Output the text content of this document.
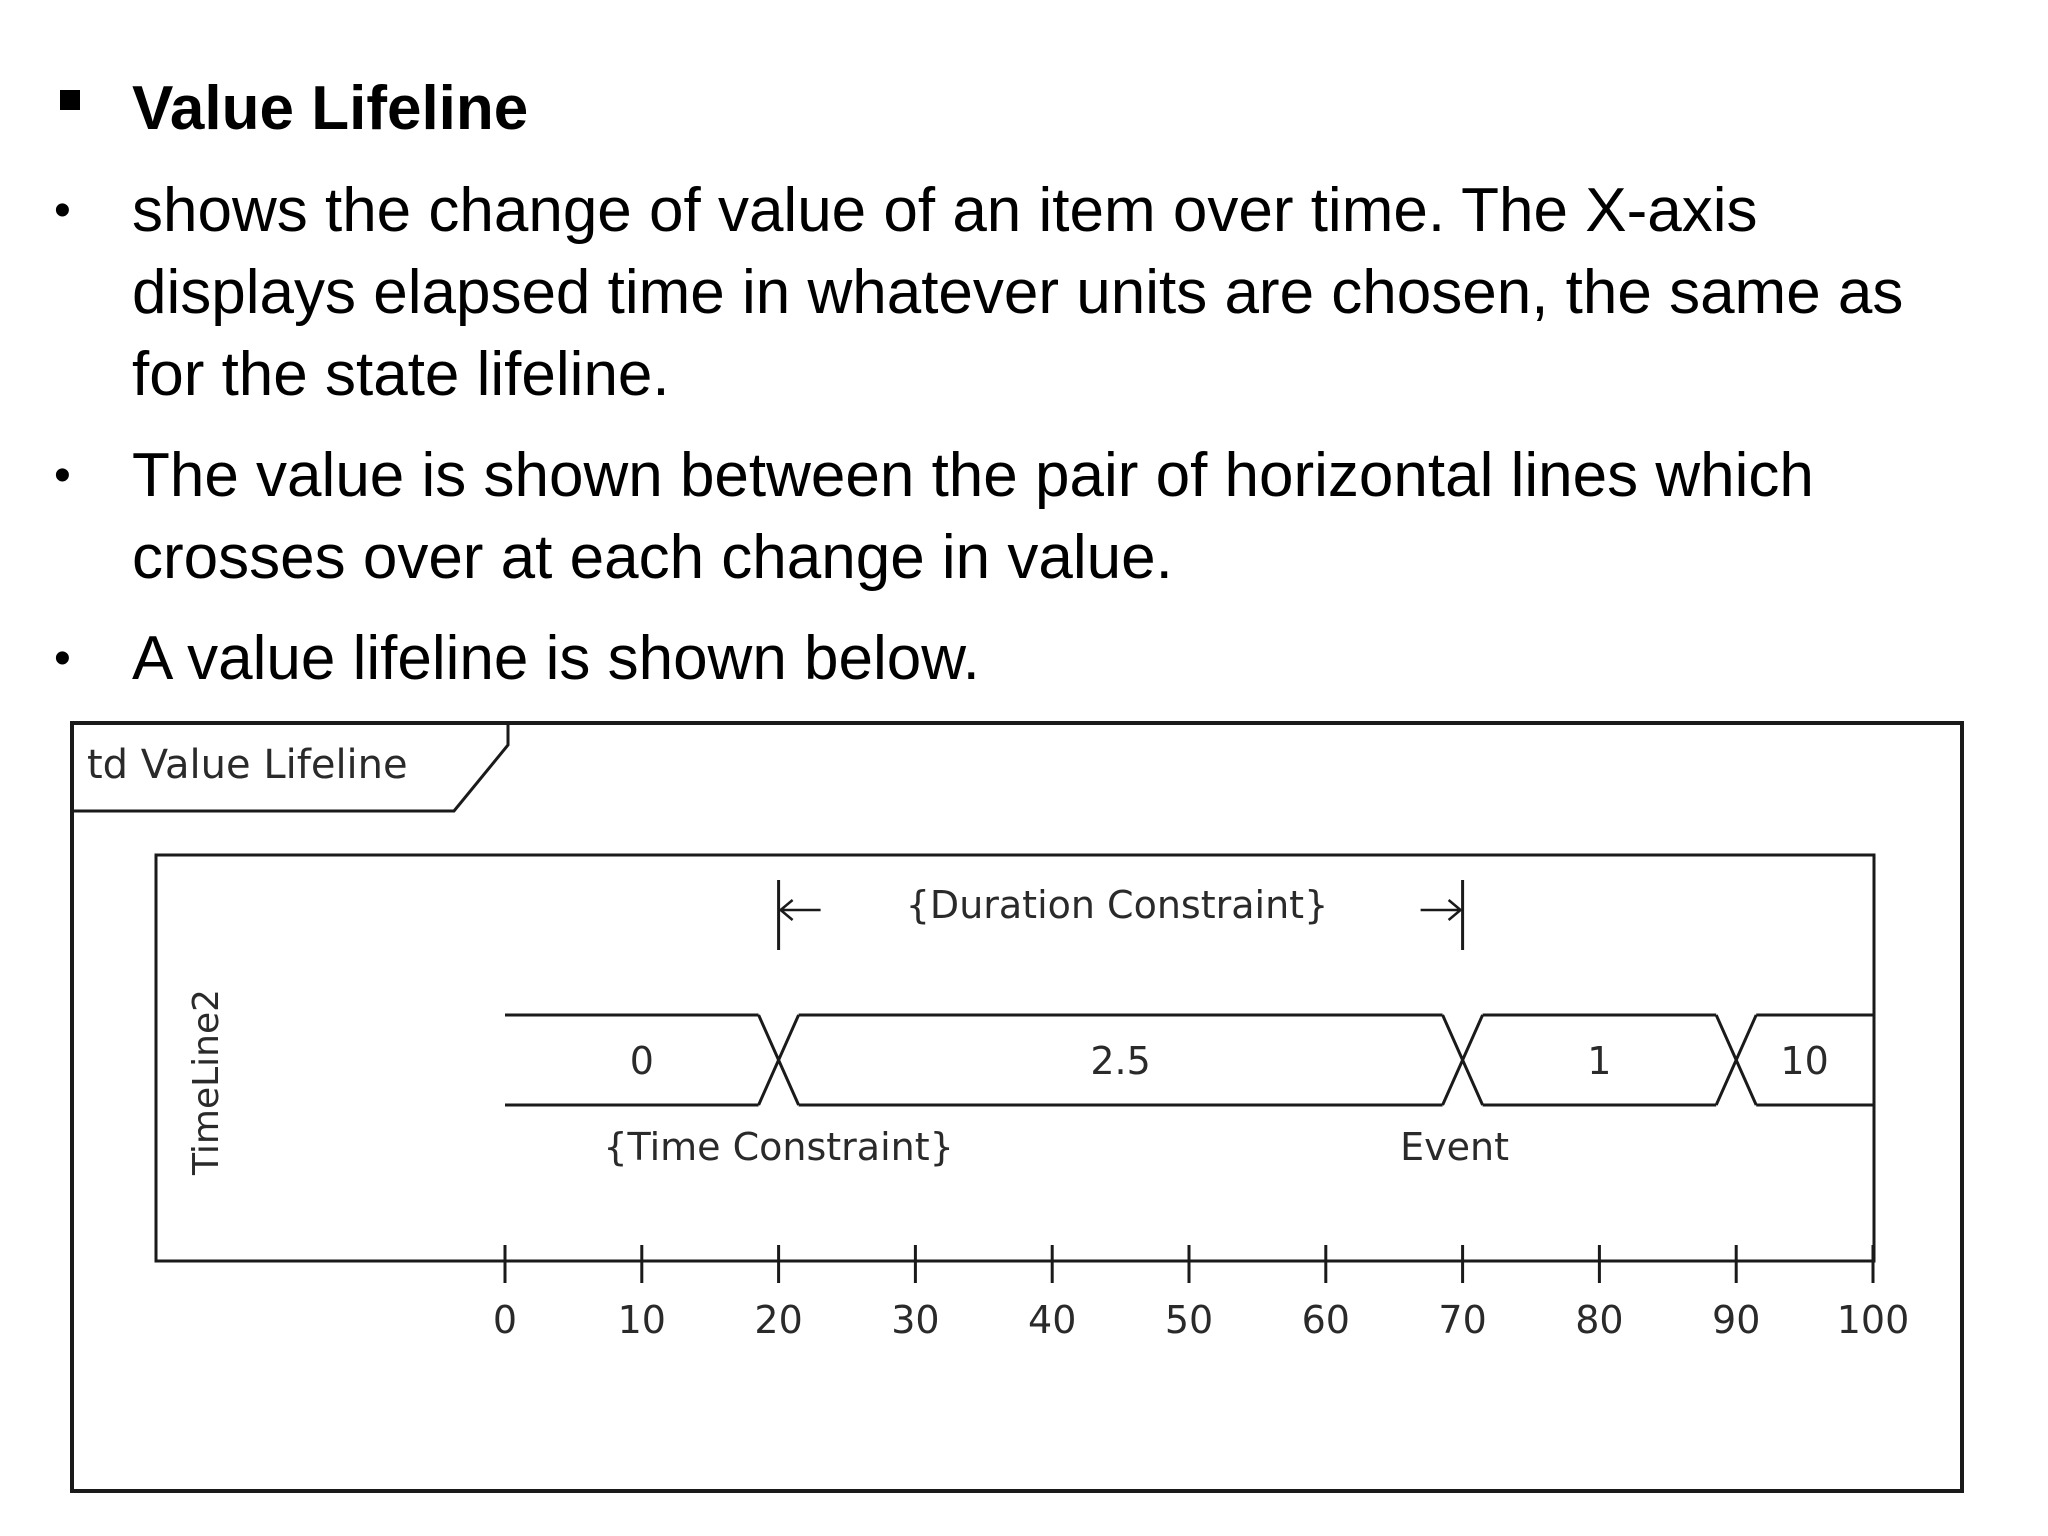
Value Lifeline
• shows the change of value of an item over time. The X-axis
displays elapsed time in whatever units are chosen, the same as
for the state lifeline.
• The value is shown between the pair of horizontal lines which
crosses over at each change in value.
• A value lifeline is shown below.
td Value Lifeline
TimeLine2
{Duration Constraint}
0	2.5	1	10
{Time Constraint}	Event
0	10 20 30 40 50 60 70 80 90 100
